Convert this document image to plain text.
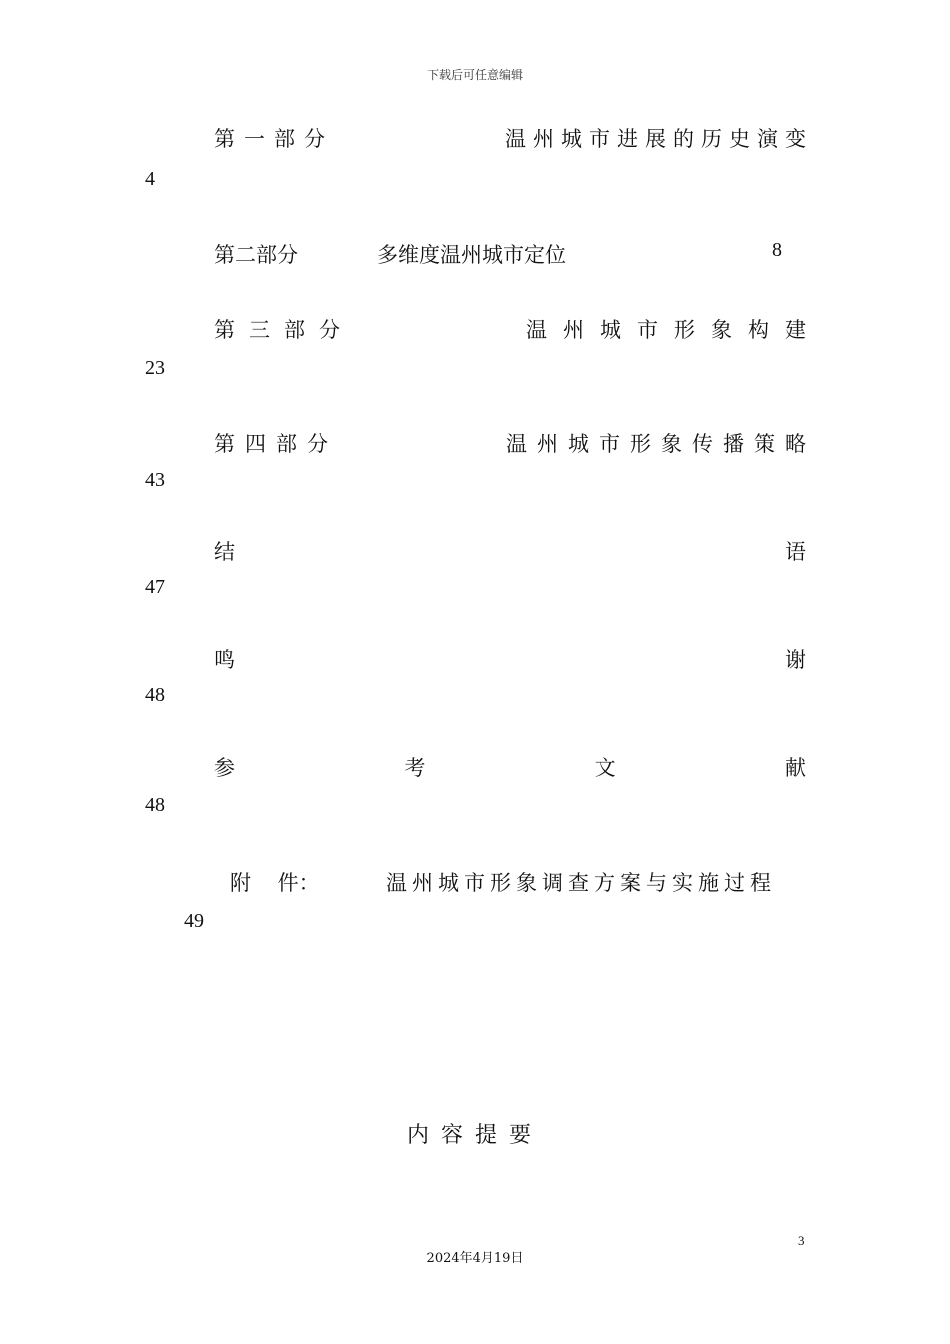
下载后可任意编辑
第一部分	温州城市进展的历史演变
4
第二部分	多维度温州城市定位	8
第三部分	温州城市形象构建
23
第四部分	温州城市形象传播策略
43
结	语
47
鸣	谢
48
参	考	文	献
48
附 件：	温州城市形象调查方案与实施过程
49
内容提要
3
2024年4月19日
